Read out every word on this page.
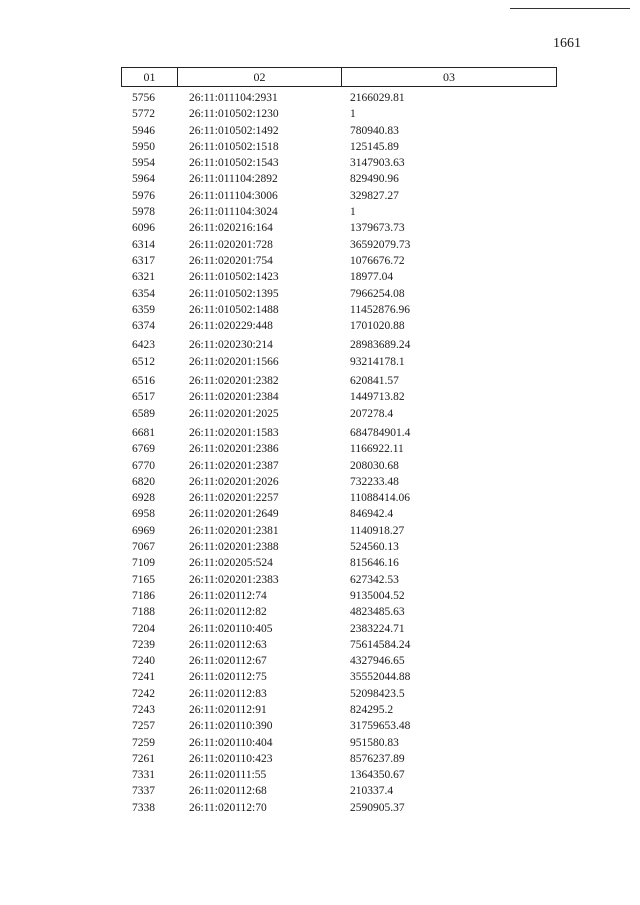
1661
01	02	03
5756	26:11:011104:2931	2166029.81
5772	26:11:010502:1230	1
5946	26:11:010502:1492	780940.83
5950	26:11:010502:1518	125145.89
5954	26:11:010502:1543	3147903.63
5964	26:11:011104:2892	829490.96
5976	26:11:011104:3006	329827.27
5978	26:11:011104:3024	1
6096	26:11:020216:164	1379673.73
6314	26:11:020201:728	36592079.73
6317	26:11:020201:754	1076676.72
6321	26:11:010502:1423	18977.04
6354	26:11:010502:1395	7966254.08
6359	26:11:010502:1488	11452876.96
6374	26:11:020229:448	1701020.88
6423	26:11:020230:214	28983689.24
6512	26:11:020201:1566	93214178.1
6516	26:11:020201:2382	620841.57
6517	26:11:020201:2384	1449713.82
6589	26:11:020201:2025	207278.4
6681	26:11:020201:1583	684784901.4
6769	26:11:020201:2386	1166922.11
6770	26:11:020201:2387	208030.68
6820	26:11:020201:2026	732233.48
6928	26:11:020201:2257	11088414.06
6958	26:11:020201:2649	846942.4
6969	26:11:020201:2381	1140918.27
7067	26:11:020201:2388	524560.13
7109	26:11:020205:524	815646.16
7165	26:11:020201:2383	627342.53
7186	26:11:020112:74	9135004.52
7188	26:11:020112:82	4823485.63
7204	26:11:020110:405	2383224.71
7239	26:11:020112:63	75614584.24
7240	26:11:020112:67	4327946.65
7241	26:11:020112:75	35552044.88
7242	26:11:020112:83	52098423.5
7243	26:11:020112:91	824295.2
7257	26:11:020110:390	31759653.48
7259	26:11:020110:404	951580.83
7261	26:11:020110:423	8576237.89
7331	26:11:020111:55	1364350.67
7337	26:11:020112:68	210337.4
7338	26:11:020112:70	2590905.37
